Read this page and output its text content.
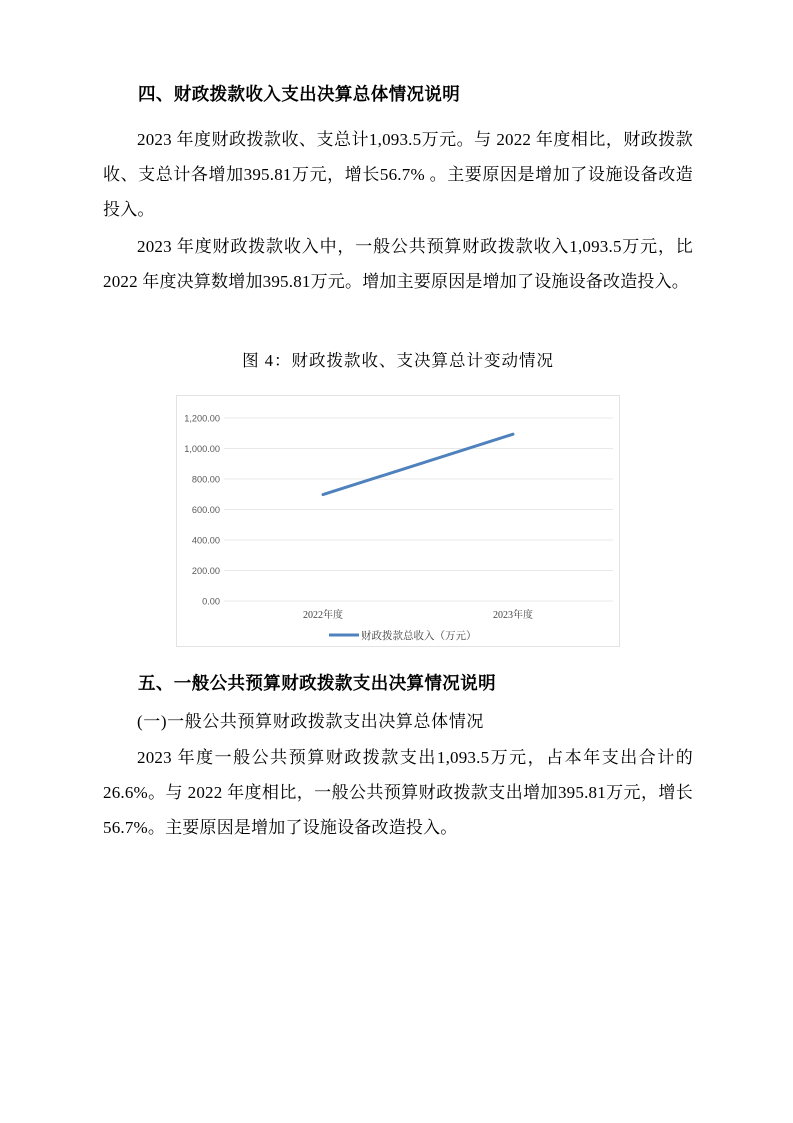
四、财政拨款收入支出决算总体情况说明

2023 年度财政拨款收、支总计1,093.5万元。与 2022 年度相比，财政拨款收、支总计各增加395.81万元，增长56.7% 。主要原因是增加了设施设备改造投入。

2023 年度财政拨款收入中，一般公共预算财政拨款收入1,093.5万元，比 2022 年度决算数增加395.81万元。增加主要原因是增加了设施设备改造投入。

图 4：财政拨款收、支决算总计变动情况
1,200.00
1,000.00
800.00
600.00
400.00
200.00
0.00
2022年度	2023年度
财政拨款总收入（万元）
五、一般公共预算财政拨款支出决算情况说明
(一)一般公共预算财政拨款支出决算总体情况

2023 年度一般公共预算财政拨款支出1,093.5万元，占本年支出合计的26.6%。与 2022 年度相比，一般公共预算财政拨款支出增加395.81万元，增长56.7%。主要原因是增加了设施设备改造投入。
